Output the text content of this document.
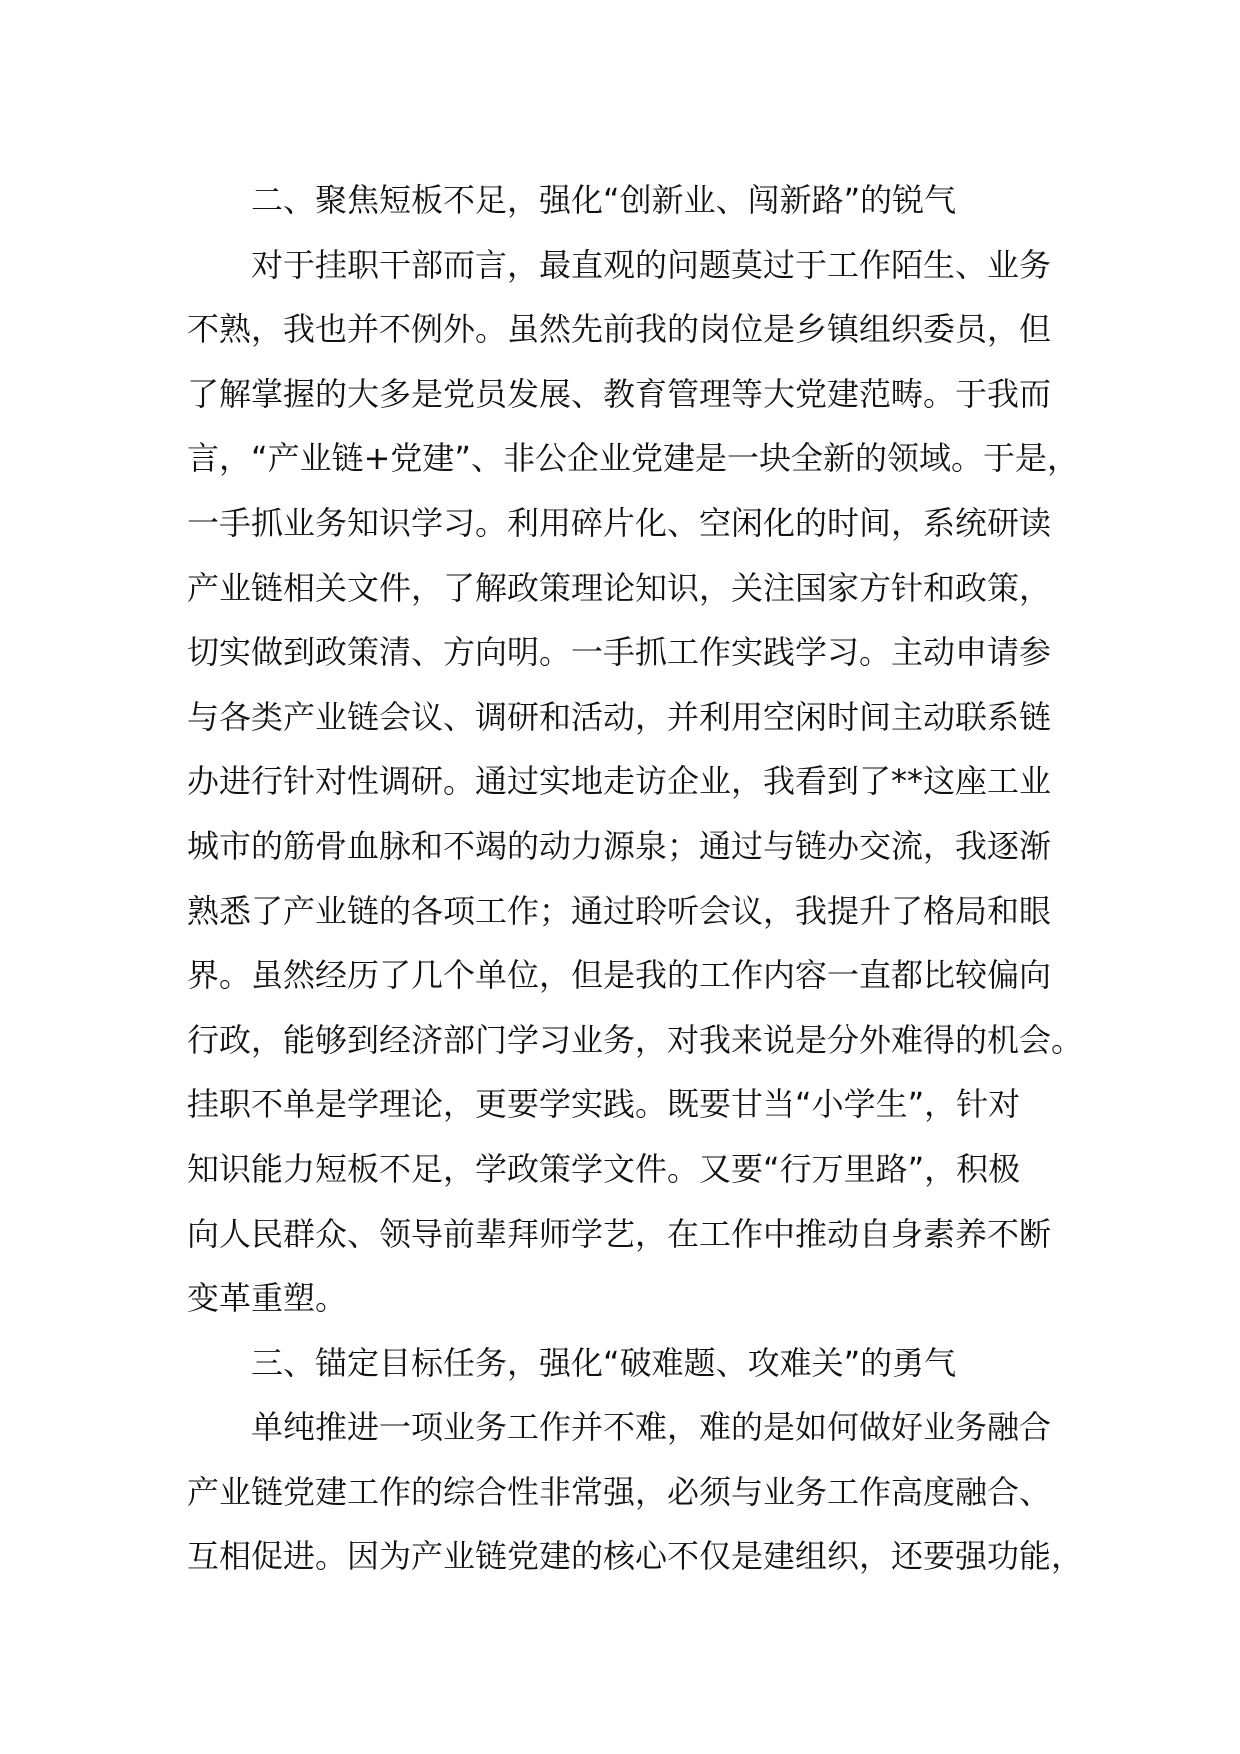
二、聚焦短板不足，强化“创新业、闯新路”的锐气
对于挂职干部而言，最直观的问题莫过于工作陌生、业务
不熟，我也并不例外。虽然先前我的岗位是乡镇组织委员，但
了解掌握的大多是党员发展、教育管理等大党建范畴。于我而
言，“产业链+党建”、非公企业党建是一块全新的领域。于是，
一手抓业务知识学习。利用碎片化、空闲化的时间，系统研读
产业链相关文件，了解政策理论知识，关注国家方针和政策，
切实做到政策清、方向明。一手抓工作实践学习。主动申请参
与各类产业链会议、调研和活动，并利用空闲时间主动联系链
办进行针对性调研。通过实地走访企业，我看到了**这座工业
城市的筋骨血脉和不竭的动力源泉；通过与链办交流，我逐渐
熟悉了产业链的各项工作；通过聆听会议，我提升了格局和眼
界。虽然经历了几个单位，但是我的工作内容一直都比较偏向
行政，能够到经济部门学习业务，对我来说是分外难得的机会。
挂职不单是学理论，更要学实践。既要甘当“小学生”，针对
知识能力短板不足，学政策学文件。又要“行万里路”，积极
向人民群众、领导前辈拜师学艺，在工作中推动自身素养不断
变革重塑。
三、锚定目标任务，强化“破难题、攻难关”的勇气
单纯推进一项业务工作并不难，难的是如何做好业务融合
产业链党建工作的综合性非常强，必须与业务工作高度融合、
互相促进。因为产业链党建的核心不仅是建组织，还要强功能，
